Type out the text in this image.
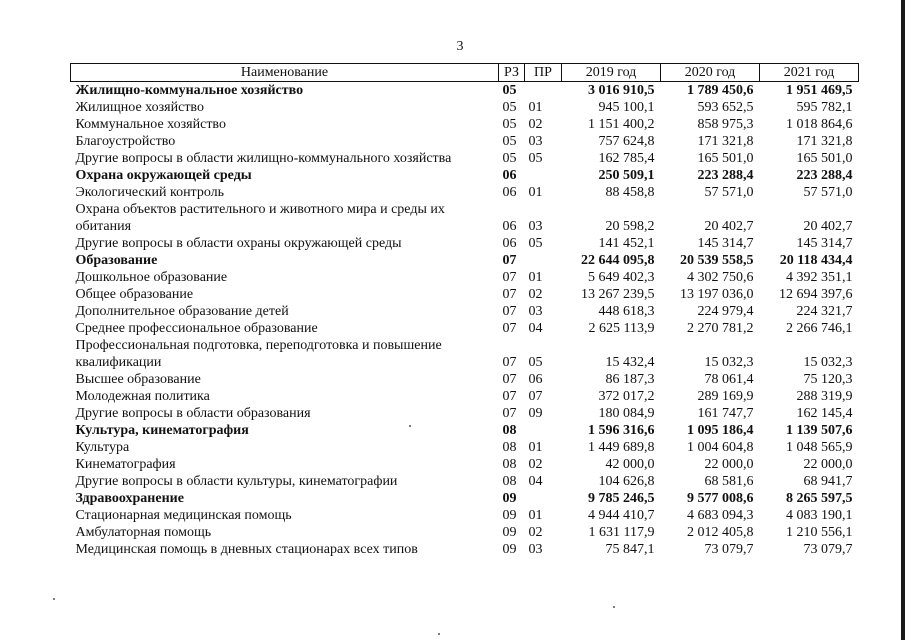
3
Наименование	РЗ	ПР	2019 год	2020 год	2021 год
Жилищно-коммунальное хозяйство	05		3 016 910,5	1 789 450,6	1 951 469,5
Жилищное хозяйство	05	01	945 100,1	593 652,5	595 782,1
Коммунальное хозяйство	05	02	1 151 400,2	858 975,3	1 018 864,6
Благоустройство	05	03	757 624,8	171 321,8	171 321,8
Другие вопросы в области жилищно-коммунального хозяйства	05	05	162 785,4	165 501,0	165 501,0
Охрана окружающей среды	06		250 509,1	223 288,4	223 288,4
Экологический контроль	06	01	88 458,8	57 571,0	57 571,0
Охрана объектов растительного и животного мира и среды их обитания	06	03	20 598,2	20 402,7	20 402,7
Другие вопросы в области охраны окружающей среды	06	05	141 452,1	145 314,7	145 314,7
Образование	07		22 644 095,8	20 539 558,5	20 118 434,4
Дошкольное образование	07	01	5 649 402,3	4 302 750,6	4 392 351,1
Общее образование	07	02	13 267 239,5	13 197 036,0	12 694 397,6
Дополнительное образование детей	07	03	448 618,3	224 979,4	224 321,7
Среднее профессиональное образование	07	04	2 625 113,9	2 270 781,2	2 266 746,1
Профессиональная подготовка, переподготовка и повышение квалификации	07	05	15 432,4	15 032,3	15 032,3
Высшее образование	07	06	86 187,3	78 061,4	75 120,3
Молодежная политика	07	07	372 017,2	289 169,9	288 319,9
Другие вопросы в области образования	07	09	180 084,9	161 747,7	162 145,4
Культура, кинематография	08		1 596 316,6	1 095 186,4	1 139 507,6
Культура	08	01	1 449 689,8	1 004 604,8	1 048 565,9
Кинематография	08	02	42 000,0	22 000,0	22 000,0
Другие вопросы в области культуры, кинематографии	08	04	104 626,8	68 581,6	68 941,7
Здравоохранение	09		9 785 246,5	9 577 008,6	8 265 597,5
Стационарная медицинская помощь	09	01	4 944 410,7	4 683 094,3	4 083 190,1
Амбулаторная помощь	09	02	1 631 117,9	2 012 405,8	1 210 556,1
Медицинская помощь в дневных стационарах всех типов	09	03	75 847,1	73 079,7	73 079,7
